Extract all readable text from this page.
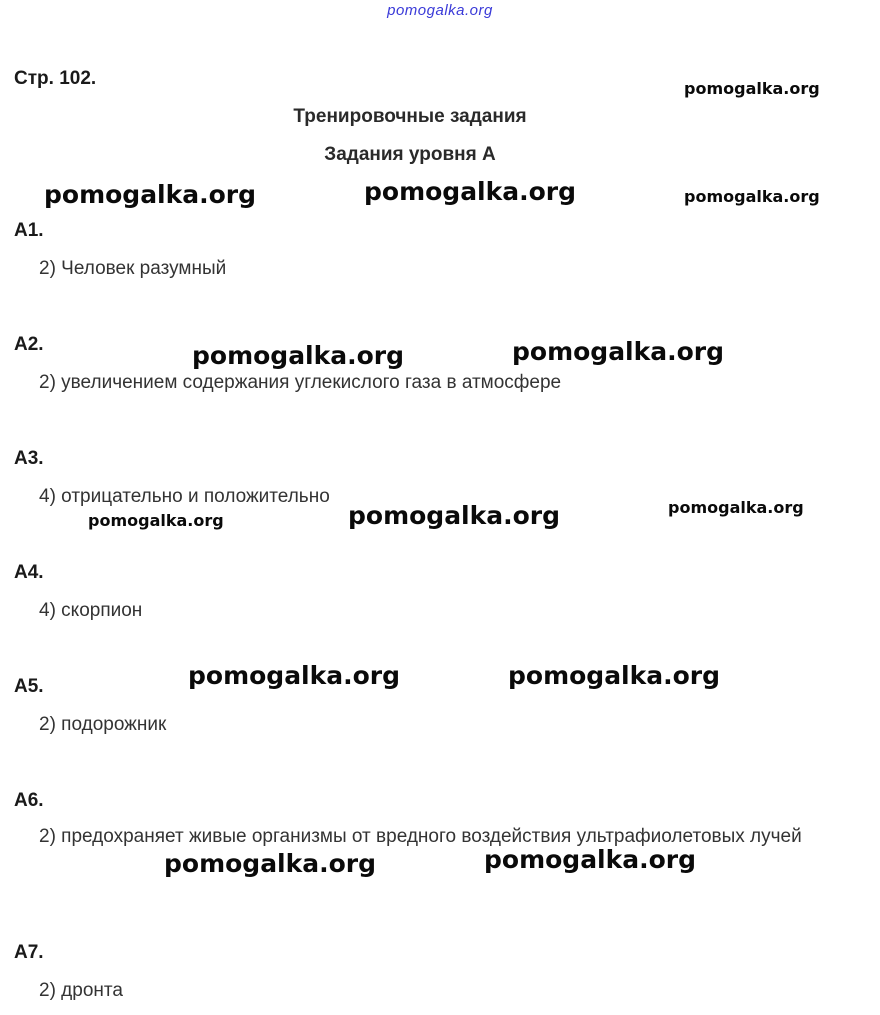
pomogalka.org
Стр. 102.
Тренировочные задания
Задания уровня А
А1.
2) Человек разумный
А2.
2) увеличением содержания углекислого газа в атмосфере
А3.
4) отрицательно и положительно
А4.
4) скорпион
А5.
2) подорожник
А6.
2) предохраняет живые организмы от вредного воздействия ультрафиолетовых лучей
А7.
2) дронта
pomogalka.org
pomogalka.org	pomogalka.org	pomogalka.org
pomogalka.org	pomogalka.org
pomogalka.org	pomogalka.org	pomogalka.org
pomogalka.org	pomogalka.org
pomogalka.org	pomogalka.org
